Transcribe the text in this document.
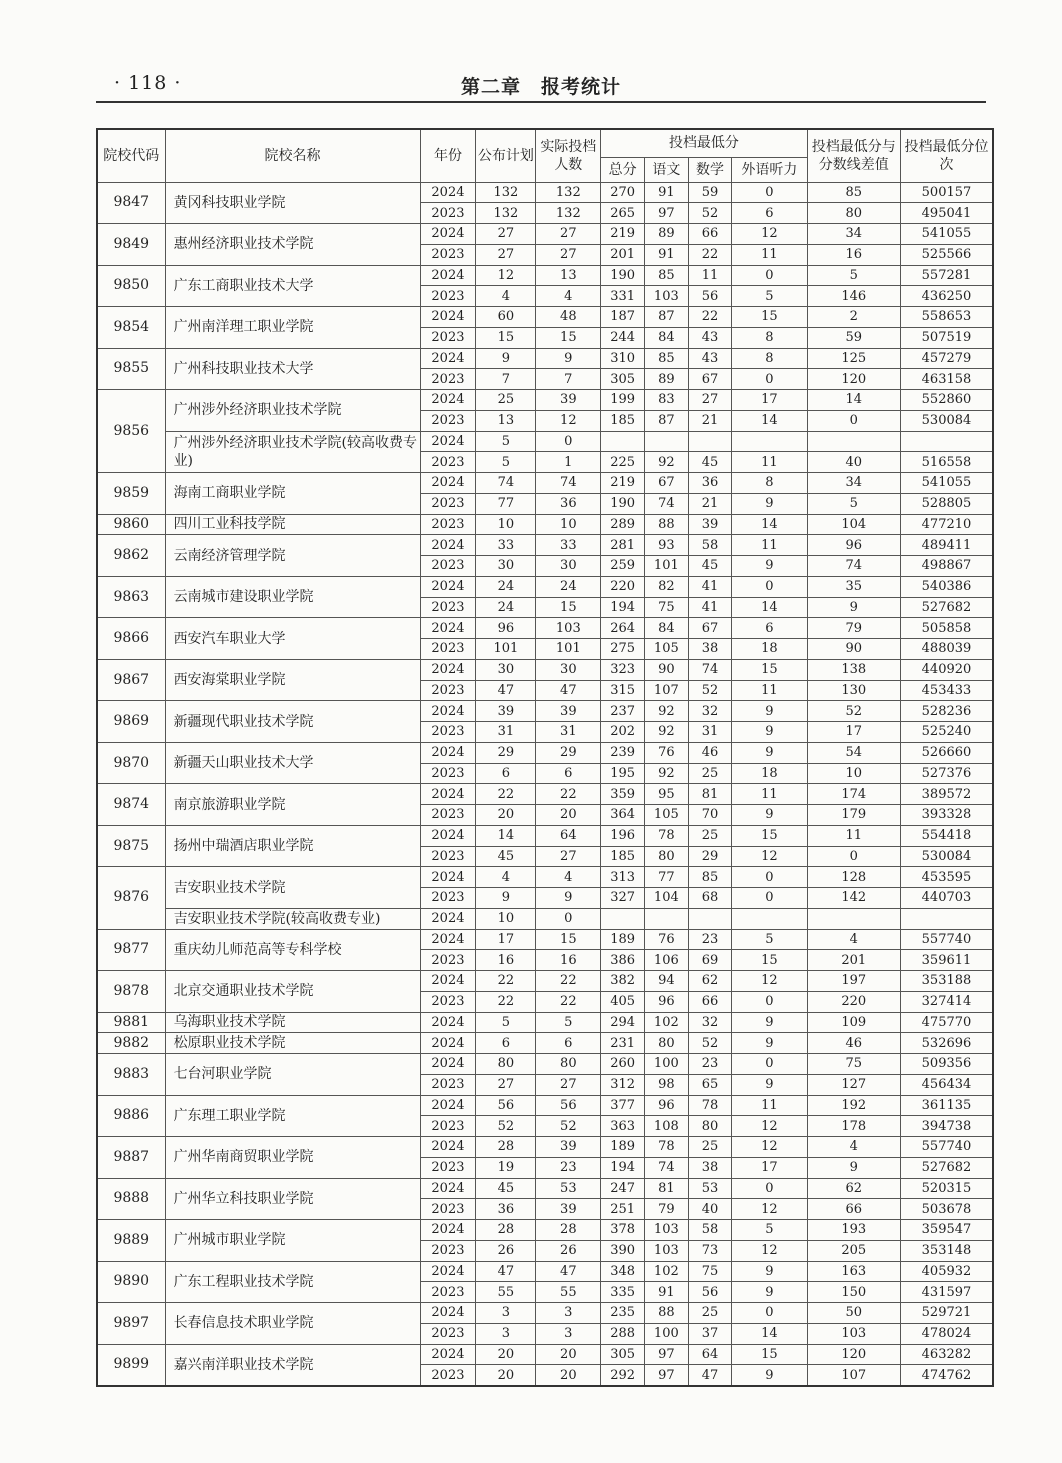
· 118 ·	第二章　报考统计
院校代码	院校名称	年份	公布计划	实际投档人数	投档最低分				投档最低分与分数线差值	投档最低分位次
					总分	语文	数学	外语听力		
9847	黄冈科技职业学院	2024	132	132	270	91	59	0	85	500157
		2023	132	132	265	97	52	6	80	495041
9849	惠州经济职业技术学院	2024	27	27	219	89	66	12	34	541055
		2023	27	27	201	91	22	11	16	525566
9850	广东工商职业技术大学	2024	12	13	190	85	11	0	5	557281
		2023	4	4	331	103	56	5	146	436250
9854	广州南洋理工职业学院	2024	60	48	187	87	22	15	2	558653
		2023	15	15	244	84	43	8	59	507519
9855	广州科技职业技术大学	2024	9	9	310	85	43	8	125	457279
		2023	7	7	305	89	67	0	120	463158
9856	广州涉外经济职业技术学院	2024	25	39	199	83	27	17	14	552860
		2023	13	12	185	87	21	14	0	530084
	广州涉外经济职业技术学院(较高收费专业)	2024	5	0						
		2023	5	1	225	92	45	11	40	516558
9859	海南工商职业学院	2024	74	74	219	67	36	8	34	541055
		2023	77	36	190	74	21	9	5	528805
9860	四川工业科技学院	2023	10	10	289	88	39	14	104	477210
9862	云南经济管理学院	2024	33	33	281	93	58	11	96	489411
		2023	30	30	259	101	45	9	74	498867
9863	云南城市建设职业学院	2024	24	24	220	82	41	0	35	540386
		2023	24	15	194	75	41	14	9	527682
9866	西安汽车职业大学	2024	96	103	264	84	67	6	79	505858
		2023	101	101	275	105	38	18	90	488039
9867	西安海棠职业学院	2024	30	30	323	90	74	15	138	440920
		2023	47	47	315	107	52	11	130	453433
9869	新疆现代职业技术学院	2024	39	39	237	92	32	9	52	528236
		2023	31	31	202	92	31	9	17	525240
9870	新疆天山职业技术大学	2024	29	29	239	76	46	9	54	526660
		2023	6	6	195	92	25	18	10	527376
9874	南京旅游职业学院	2024	22	22	359	95	81	11	174	389572
		2023	20	20	364	105	70	9	179	393328
9875	扬州中瑞酒店职业学院	2024	14	64	196	78	25	15	11	554418
		2023	45	27	185	80	29	12	0	530084
9876	吉安职业技术学院	2024	4	4	313	77	85	0	128	453595
		2023	9	9	327	104	68	0	142	440703
	吉安职业技术学院(较高收费专业)	2024	10	0						
9877	重庆幼儿师范高等专科学校	2024	17	15	189	76	23	5	4	557740
		2023	16	16	386	106	69	15	201	359611
9878	北京交通职业技术学院	2024	22	22	382	94	62	12	197	353188
		2023	22	22	405	96	66	0	220	327414
9881	乌海职业技术学院	2024	5	5	294	102	32	9	109	475770
9882	松原职业技术学院	2024	6	6	231	80	52	9	46	532696
9883	七台河职业学院	2024	80	80	260	100	23	0	75	509356
		2023	27	27	312	98	65	9	127	456434
9886	广东理工职业学院	2024	56	56	377	96	78	11	192	361135
		2023	52	52	363	108	80	12	178	394738
9887	广州华南商贸职业学院	2024	28	39	189	78	25	12	4	557740
		2023	19	23	194	74	38	17	9	527682
9888	广州华立科技职业学院	2024	45	53	247	81	53	0	62	520315
		2023	36	39	251	79	40	12	66	503678
9889	广州城市职业学院	2024	28	28	378	103	58	5	193	359547
		2023	26	26	390	103	73	12	205	353148
9890	广东工程职业技术学院	2024	47	47	348	102	75	9	163	405932
		2023	55	55	335	91	56	9	150	431597
9897	长春信息技术职业学院	2024	3	3	235	88	25	0	50	529721
		2023	3	3	288	100	37	14	103	478024
9899	嘉兴南洋职业技术学院	2024	20	20	305	97	64	15	120	463282
		2023	20	20	292	97	47	9	107	474762
